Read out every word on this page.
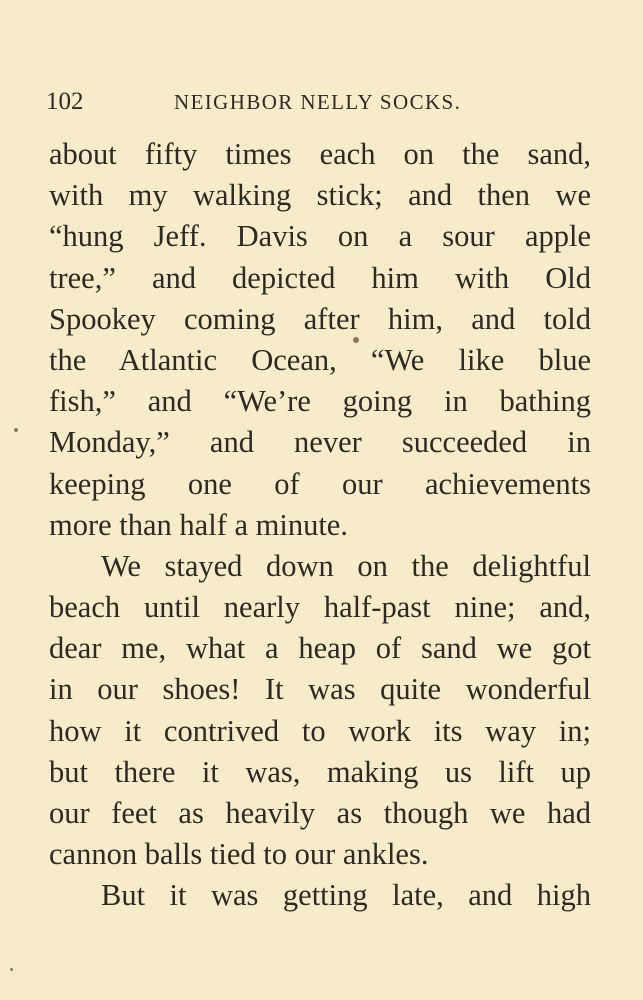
102	NEIGHBOR NELLY SOCKS.
about fifty times each on the sand,
with my walking stick; and then we
“hung Jeff. Davis on a sour apple
tree,” and depicted him with Old
Spookey coming after him, and told
the Atlantic Ocean, “We like blue
fish,” and “We’re going in bathing
Monday,” and never succeeded in
keeping one of our achievements
more than half a minute.
We stayed down on the delightful
beach until nearly half-past nine; and,
dear me, what a heap of sand we got
in our shoes! It was quite wonderful
how it contrived to work its way in;
but there it was, making us lift up
our feet as heavily as though we had
cannon balls tied to our ankles.
But it was getting late, and high
